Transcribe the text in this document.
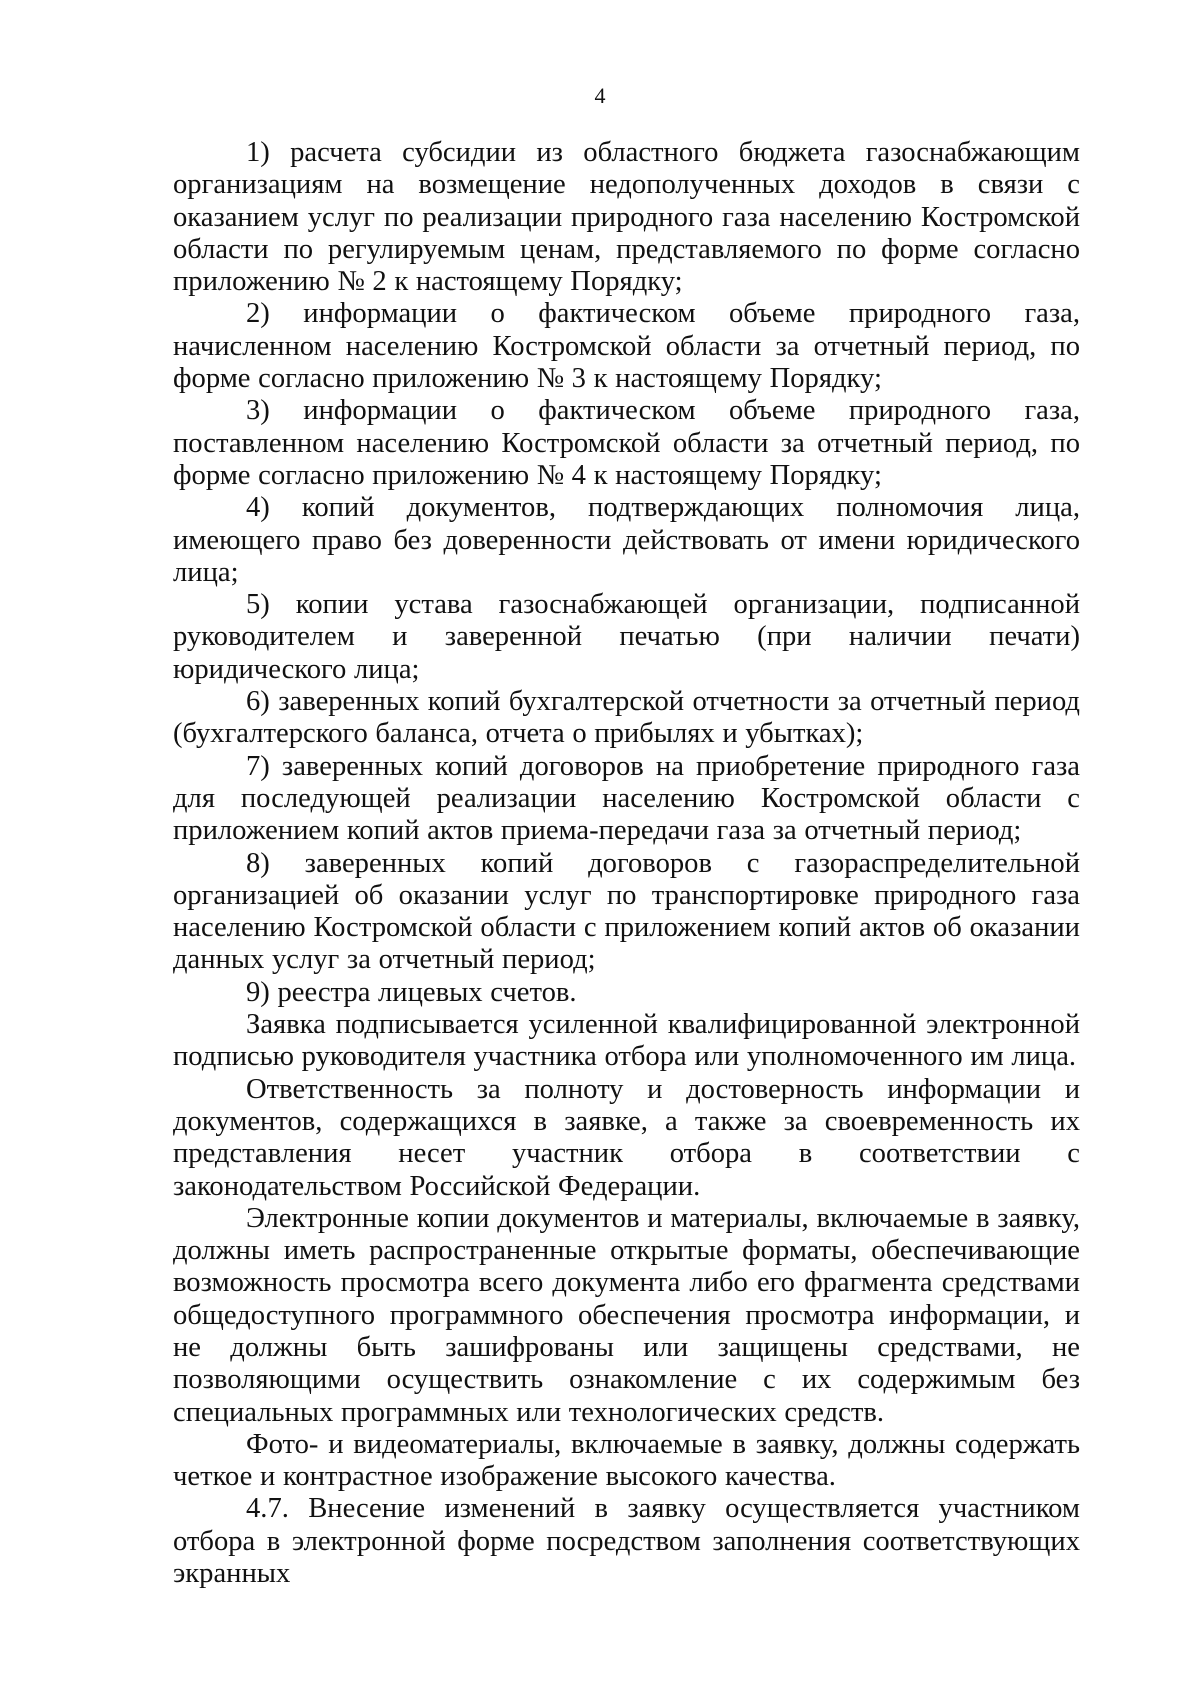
4

1) расчета субсидии из областного бюджета газоснабжающим организациям на возмещение недополученных доходов в связи с оказанием услуг по реализации природного газа населению Костромской области по регулируемым ценам, представляемого по форме согласно приложению № 2 к настоящему Порядку;

2) информации о фактическом объеме природного газа, начисленном населению Костромской области за отчетный период, по форме согласно приложению № 3 к настоящему Порядку;

3) информации о фактическом объеме природного газа, поставленном населению Костромской области за отчетный период, по форме согласно приложению № 4 к настоящему Порядку;

4) копий документов, подтверждающих полномочия лица, имеющего право без доверенности действовать от имени юридического лица;

5) копии устава газоснабжающей организации, подписанной руководителем и заверенной печатью (при наличии печати) юридического лица;

6) заверенных копий бухгалтерской отчетности за отчетный период (бухгалтерского баланса, отчета о прибылях и убытках);

7) заверенных копий договоров на приобретение природного газа для последующей реализации населению Костромской области с приложением копий актов приема-передачи газа за отчетный период;

8) заверенных копий договоров с газораспределительной организацией об оказании услуг по транспортировке природного газа населению Костромской области с приложением копий актов об оказании данных услуг за отчетный период;

9) реестра лицевых счетов.

Заявка подписывается усиленной квалифицированной электронной подписью руководителя участника отбора или уполномоченного им лица.

Ответственность за полноту и достоверность информации и документов, содержащихся в заявке, а также за своевременность их представления несет участник отбора в соответствии с законодательством Российской Федерации.

Электронные копии документов и материалы, включаемые в заявку, должны иметь распространенные открытые форматы, обеспечивающие возможность просмотра всего документа либо его фрагмента средствами общедоступного программного обеспечения просмотра информации, и не должны быть зашифрованы или защищены средствами, не позволяющими осуществить ознакомление с их содержимым без специальных программных или технологических средств.

Фото- и видеоматериалы, включаемые в заявку, должны содержать четкое и контрастное изображение высокого качества.

4.7. Внесение изменений в заявку осуществляется участником отбора в электронной форме посредством заполнения соответствующих экранных
